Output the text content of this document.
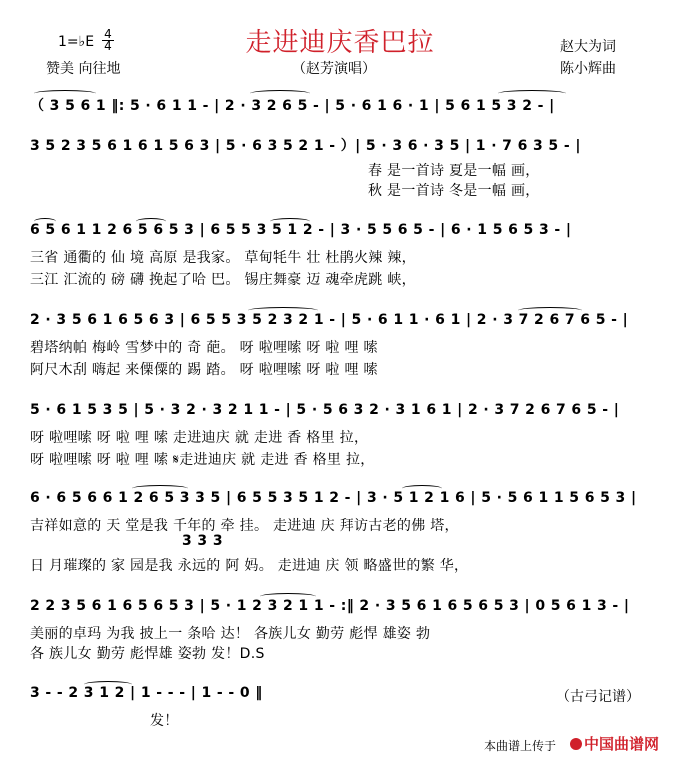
走进迪庆香巴拉
1=♭E 4
4
赞美 向往地	（赵芳演唱）
赵大为词
陈小辉曲
（ 3 5 6 1 ‖: 5 · 6 1 1 - | 2 · 3 2 6 5 - | 5 · 6 1 6 · 1 | 5 6 1 5 3 2 - |
3 5 2 3 5 6 1 6 1 5 6 3 | 5 · 6 3 5 2 1 - ）| 5 · 3 6 · 3 5 | 1 · 7 6 3 5 - |
春 是一首诗 夏是一幅 画，
秋 是一首诗 冬是一幅 画，
6 5 6 1 1 2 6 5 6 5 3 | 6 5 5 3 5 1 2 - | 3 · 5 5 6 5 - | 6 · 1 5 6 5 3 - |
三省 通衢的 仙 境 高原 是我家。 草甸牦牛 壮 杜鹃火辣 辣，
三江 汇流的 磅 礴 挽起了哈 巴。 锡庄舞豪 迈 魂牵虎跳 峡，
2 · 3 5 6 1 6 5 6 3 | 6 5 5 3 5 2 3 2 1 - | 5 · 6 1 1 · 6 1 | 2 · 3 7 2 6 7 6 5 - |
碧塔纳帕 梅岭 雪梦中的 奇 葩。 呀 啦哩嗦 呀 啦 哩 嗦
阿尺木刮 嗨起 来傈僳的 踢 踏。 呀 啦哩嗦 呀 啦 哩 嗦
5 · 6 1 5 3 5 | 5 · 3 2 · 3 2 1 1 - | 5 · 5 6 3 2 · 3 1 6 1 | 2 · 3 7 2 6 7 6 5 - |
呀 啦哩嗦 呀 啦 哩 嗦 走进迪庆 就 走进 香 格里 拉，
呀 啦哩嗦 呀 啦 哩 嗦 𝄋走进迪庆 就 走进 香 格里 拉，
6 · 6 5 6 6 1 2 6 5 3 3 5 | 6 5 5 3 5 1 2 - | 3 · 5 1 2 1 6 | 5 · 5 6 1 1 5 6 5 3 |
吉祥如意的 天 堂是我 千年的 牵 挂。 走进迪 庆 拜访古老的佛 塔，
3 3 3
日 月璀璨的 家 园是我 永远的 阿 妈。 走进迪 庆 领 略盛世的繁 华，
2 2 3 5 6 1 6 5 6 5 3 | 5 · 1 2 3 2 1 1 - :‖ 2 · 3 5 6 1 6 5 6 5 3 | 0 5 6 1 3 - |
美丽的卓玛 为我 披上一 条哈 达！ 各族儿女 勤劳 彪悍 雄姿 勃
各 族儿女 勤劳 彪悍雄 姿勃 发！D.S
3 - - 2 3 1 2 | 1 - - - | 1 - - 0 ‖
发！
（古弓记谱）
本曲谱上传于	中国曲谱网
